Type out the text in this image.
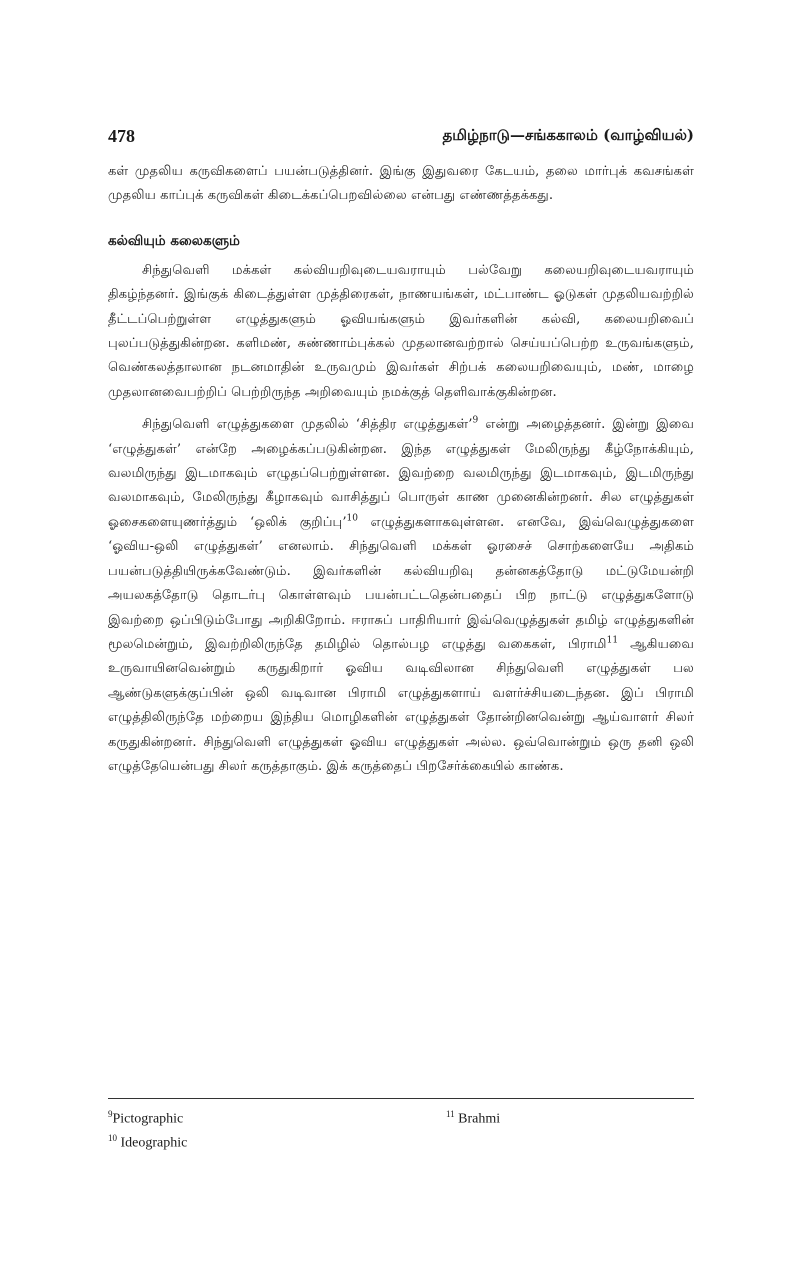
478	தமிழ்நாடு—சங்ககாலம் (வாழ்வியல்)

கள் முதலிய கருவிகளைப் பயன்படுத்தினர். இங்கு இதுவரை கேடயம், தலை மார்புக் கவசங்கள் முதலிய காப்புக் கருவிகள் கிடைக்கப்பெறவில்லை என்பது எண்ணத்தக்கது.

கல்வியும் கலைகளும்

சிந்துவெளி மக்கள் கல்வியறிவுடையவராயும் பல்வேறு கலையறிவுடையவராயும் திகழ்ந்தனர். இங்குக் கிடைத்துள்ள முத்திரைகள், நாணயங்கள், மட்பாண்ட ஓடுகள் முதலியவற்றில் தீட்டப்பெற்றுள்ள எழுத்துகளும் ஓவியங்களும் இவர்களின் கல்வி, கலையறிவைப் புலப்படுத்துகின்றன. களிமண், சுண்ணாம்புக்கல் முதலானவற்றால் செய்யப்பெற்ற உருவங்களும், வெண்கலத்தாலான நடனமாதின் உருவமும் இவர்கள் சிற்பக் கலையறிவையும், மண், மாழை முதலானவைபற்றிப் பெற்றிருந்த அறிவையும் நமக்குத் தெளிவாக்குகின்றன.

சிந்துவெளி எழுத்துகளை முதலில் ‘சித்திர எழுத்துகள்’$^9$ என்று அழைத்தனர். இன்று இவை ‘எழுத்துகள்’ என்றே அழைக்கப்படுகின்றன. இந்த எழுத்துகள் மேலிருந்து கீழ்நோக்கியும், வலமிருந்து இடமாகவும் எழுதப்பெற்றுள்ளன. இவற்றை வலமிருந்து இடமாகவும், இடமிருந்து வலமாகவும், மேலிருந்து கீழாகவும் வாசித்துப் பொருள் காண முனைகின்றனர். சில எழுத்துகள் ஓசைகளையுணர்த்தும் ‘ஒலிக் குறிப்பு’$^{10}$ எழுத்துகளாகவுள்ளன. எனவே, இவ்வெழுத்துகளை ‘ஓவிய-ஒலி எழுத்துகள்’ எனலாம். சிந்துவெளி மக்கள் ஓரசைச் சொற்களையே அதிகம் பயன்படுத்தியிருக்கவேண்டும். இவர்களின் கல்வியறிவு தன்னகத்தோடு மட்டுமேயன்றி அயலகத்தோடு தொடர்பு கொள்ளவும் பயன்பட்டதென்பதைப் பிற நாட்டு எழுத்துகளோடு இவற்றை ஒப்பிடும்போது அறிகிறோம். ஈராசுப் பாதிரியார் இவ்வெழுத்துகள் தமிழ் எழுத்துகளின் மூலமென்றும், இவற்றிலிருந்தே தமிழில் தொல்பழ எழுத்து வகைகள், பிராமி$^{11}$ ஆகியவை உருவாயினவென்றும் கருதுகிறார் ஓவிய வடிவிலான சிந்துவெளி எழுத்துகள் பல ஆண்டுகளுக்குப்பின் ஒலி வடிவான பிராமி எழுத்துகளாய் வளர்ச்சியடைந்தன. இப் பிராமி எழுத்திலிருந்தே மற்றைய இந்திய மொழிகளின் எழுத்துகள் தோன்றினவென்று ஆய்வாளர் சிலர் கருதுகின்றனர். சிந்துவெளி எழுத்துகள் ஓவிய எழுத்துகள் அல்ல. ஒவ்வொன்றும் ஒரு தனி ஒலி எழுத்தேயென்பது சிலர் கருத்தாகும். இக் கருத்தைப் பிறசேர்க்கையில் காண்க.

$^9$Pictographic
$^{10}$ Ideographic
$^{11}$ Brahmi
